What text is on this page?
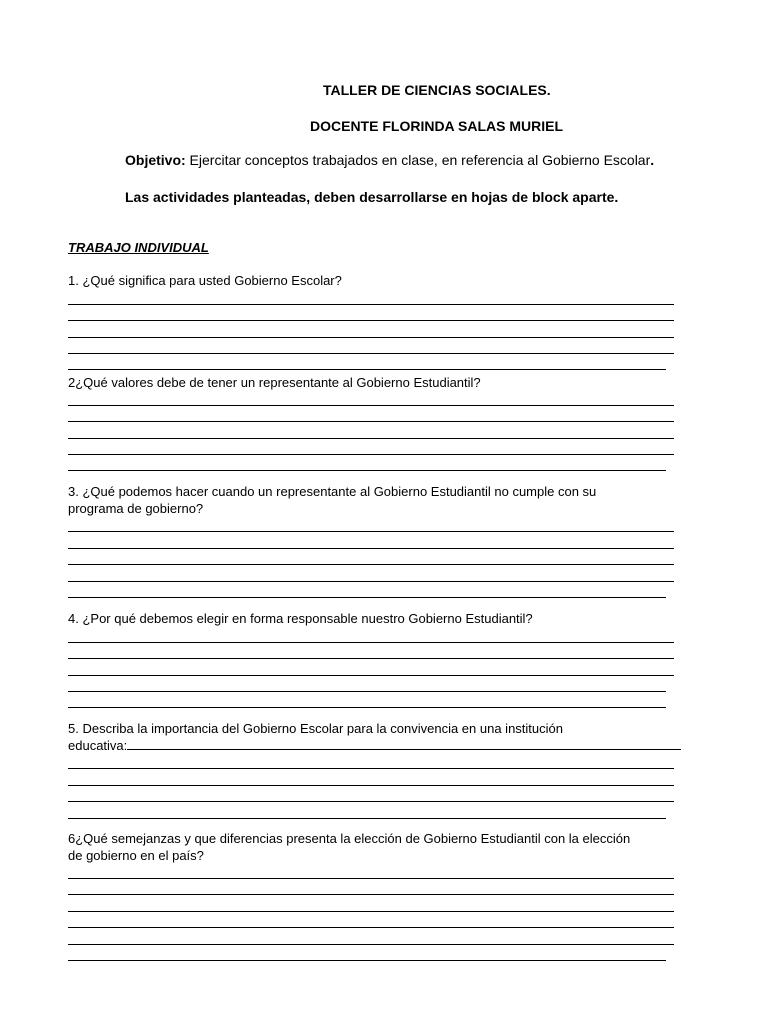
TALLER DE CIENCIAS SOCIALES.
DOCENTE FLORINDA SALAS MURIEL
Objetivo: Ejercitar conceptos trabajados en clase, en referencia al Gobierno Escolar.
Las actividades planteadas, deben desarrollarse en hojas de block aparte.
TRABAJO INDIVIDUAL
1. ¿Qué significa para usted Gobierno Escolar?
2¿Qué valores debe de tener un representante al Gobierno Estudiantil?
3. ¿Qué podemos hacer cuando un representante al Gobierno Estudiantil no cumple con su
programa de gobierno?
4. ¿Por qué debemos elegir en forma responsable nuestro Gobierno Estudiantil?
5. Describa la importancia del Gobierno Escolar para la convivencia en una institución
educativa:
6¿Qué semejanzas y que diferencias presenta la elección de Gobierno Estudiantil con la elección
de gobierno en el país?
